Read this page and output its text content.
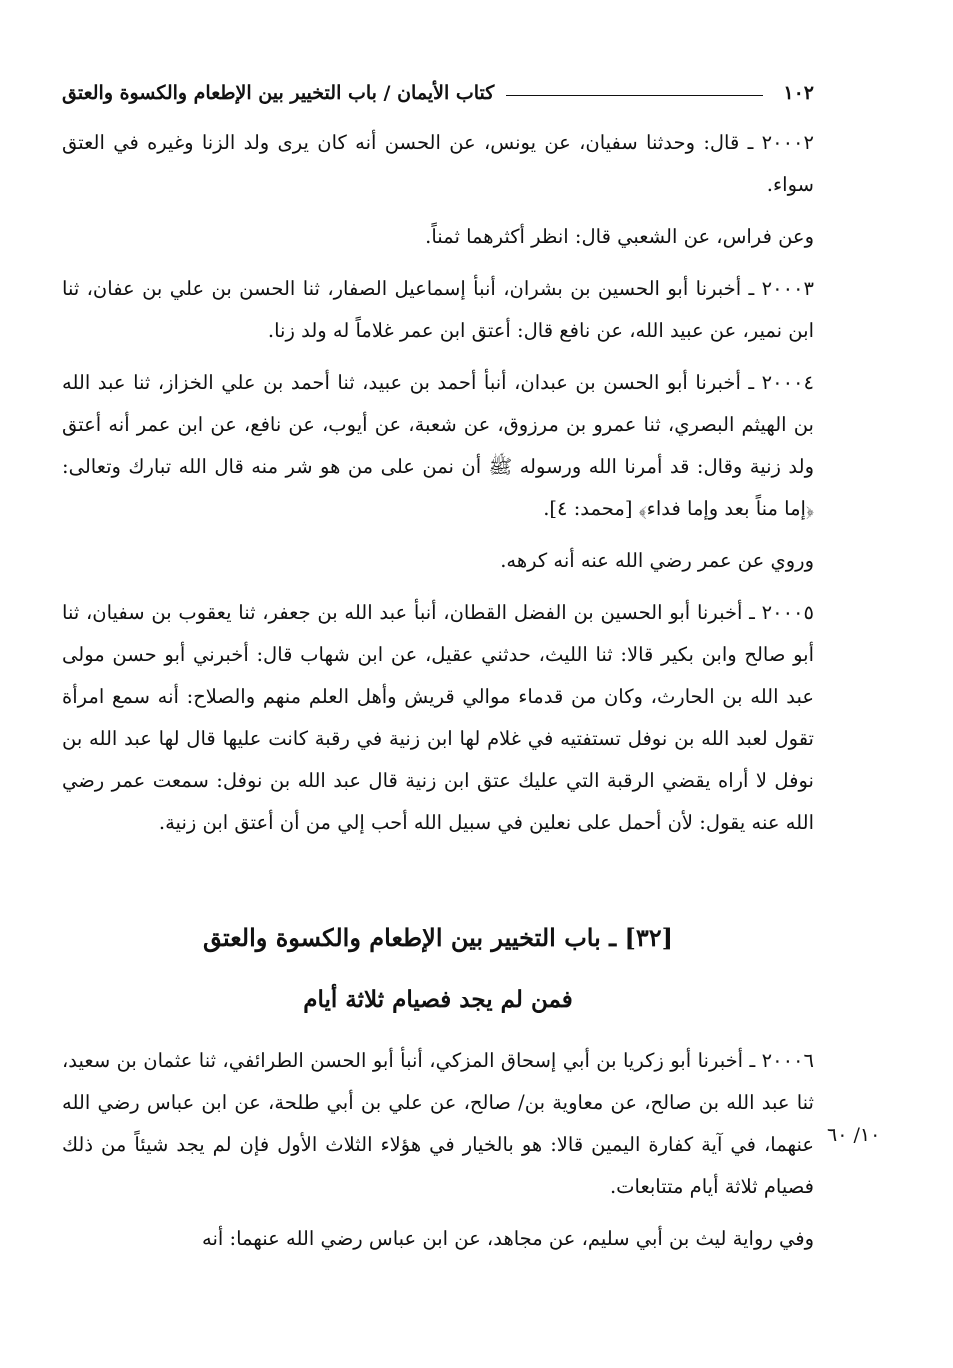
١٠٢
كتاب الأيمان / باب التخيير بين الإطعام والكسوة والعتق

٢٠٠٠٢ ـ قال: وحدثنا سفيان، عن يونس، عن الحسن أنه كان يرى ولد الزنا وغيره في العتق سواء.

وعن فراس، عن الشعبي قال: انظر أكثرهما ثمناً.

٢٠٠٠٣ ـ أخبرنا أبو الحسين بن بشران، أنبأ إسماعيل الصفار، ثنا الحسن بن علي بن عفان، ثنا ابن نمير، عن عبيد الله، عن نافع قال: أعتق ابن عمر غلاماً له ولد زنا.

٢٠٠٠٤ ـ أخبرنا أبو الحسن بن عبدان، أنبأ أحمد بن عبيد، ثنا أحمد بن علي الخزاز، ثنا عبد الله بن الهيثم البصري، ثنا عمرو بن مرزوق، عن شعبة، عن أيوب، عن نافع، عن ابن عمر أنه أعتق ولد زنية وقال: قد أمرنا الله ورسوله ﷺ أن نمن على من هو شر منه قال الله تبارك وتعالى: ﴿إما مناً بعد وإما فداء﴾ [محمد: ٤].

وروي عن عمر رضي الله عنه أنه كرهه.

٢٠٠٠٥ ـ أخبرنا أبو الحسين بن الفضل القطان، أنبأ عبد الله بن جعفر، ثنا يعقوب بن سفيان، ثنا أبو صالح وابن بكير قالا: ثنا الليث، حدثني عقيل، عن ابن شهاب قال: أخبرني أبو حسن مولى عبد الله بن الحارث، وكان من قدماء موالي قريش وأهل العلم منهم والصلاح: أنه سمع امرأة تقول لعبد الله بن نوفل تستفتيه في غلام لها ابن زنية في رقبة كانت عليها قال لها عبد الله بن نوفل لا أراه يقضي الرقبة التي عليك عتق ابن زنية قال عبد الله بن نوفل: سمعت عمر رضي الله عنه يقول: لأن أحمل على نعلين في سبيل الله أحب إلي من أن أعتق ابن زنية.

[٣٢] ـ باب التخيير بين الإطعام والكسوة والعتق

فمن لم يجد فصيام ثلاثة أيام

٢٠٠٠٦ ـ أخبرنا أبو زكريا بن أبي إسحاق المزكي، أنبأ أبو الحسن الطرائفي، ثنا عثمان بن سعيد، ثنا عبد الله بن صالح، عن معاوية بن/ صالح، عن علي بن أبي طلحة، عن ابن عباس رضي الله عنهما، في آية كفارة اليمين قالا: هو بالخيار في هؤلاء الثلاث الأول فإن لم يجد شيئاً من ذلك فصيام ثلاثة أيام متتابعات.

وفي رواية ليث بن أبي سليم، عن مجاهد، عن ابن عباس رضي الله عنهما: أنه

١٠/ ٦٠
